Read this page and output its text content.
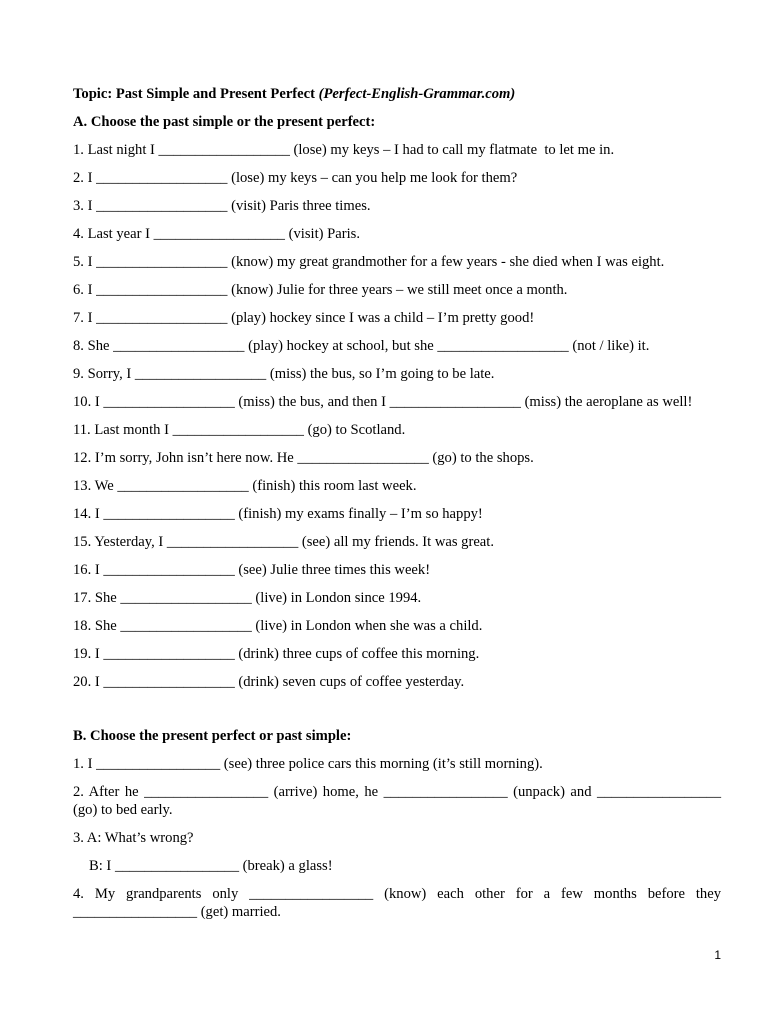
Topic: Past Simple and Present Perfect (Perfect-English-Grammar.com)
A. Choose the past simple or the present perfect:
1. Last night I __________________ (lose) my keys – I had to call my flatmate  to let me in.
2. I __________________ (lose) my keys – can you help me look for them?
3. I __________________ (visit) Paris three times.
4. Last year I __________________ (visit) Paris.
5. I __________________ (know) my great grandmother for a few years - she died when I was eight.
6. I __________________ (know) Julie for three years – we still meet once a month.
7. I __________________ (play) hockey since I was a child – I’m pretty good!
8. She __________________ (play) hockey at school, but she __________________ (not / like) it.
9. Sorry, I __________________ (miss) the bus, so I’m going to be late.
10. I __________________ (miss) the bus, and then I __________________ (miss) the aeroplane as well!
11. Last month I __________________ (go) to Scotland.
12. I’m sorry, John isn’t here now. He __________________ (go) to the shops.
13. We __________________ (finish) this room last week.
14. I __________________ (finish) my exams finally – I’m so happy!
15. Yesterday, I __________________ (see) all my friends. It was great.
16. I __________________ (see) Julie three times this week!
17. She __________________ (live) in London since 1994.
18. She __________________ (live) in London when she was a child.
19. I __________________ (drink) three cups of coffee this morning.
20. I __________________ (drink) seven cups of coffee yesterday.
B. Choose the present perfect or past simple:
1. I _________________ (see) three police cars this morning (it’s still morning).
2. After he _________________ (arrive) home, he _________________ (unpack) and _________________ (go) to bed early.
3. A: What’s wrong?
B: I _________________ (break) a glass!
4. My grandparents only _________________ (know) each other for a few months before they _________________ (get) married.
1
